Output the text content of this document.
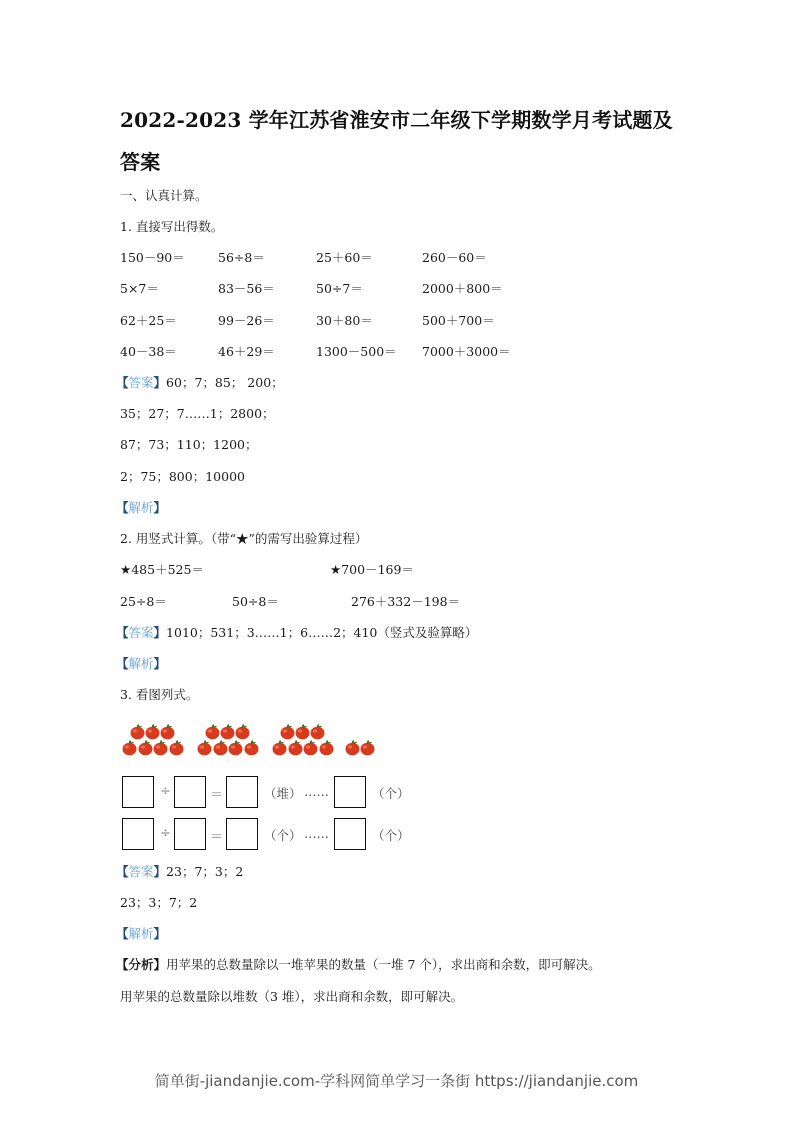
2022-2023 学年江苏省淮安市二年级下学期数学月考试题及
答案
一、认真计算。
1. 直接写出得数。
150－90＝	56÷8＝	25＋60＝	260－60＝
5×7＝	83－56＝	50÷7＝	2000＋800＝
62＋25＝	99－26＝	30＋80＝	500＋700＝
40－38＝	46＋29＝	1300－500＝ 7000＋3000＝
【答案】60；7；85； 200；
35；27；7……1；2800；
87；73；110；1200；
2；75；800；10000
【解析】
2. 用竖式计算。（带“★”的需写出验算过程）
★485＋525＝	★700－169＝
25÷8＝	50÷8＝	276＋332－198＝
【答案】1010；531；3……1；6……2；410（竖式及验算略）
【解析】
3. 看图列式。
÷	＝	（堆） ……	（个）
÷	＝	（个） ……	（个）
【答案】23；7；3；2
23；3；7；2
【解析】
【分析】用苹果的总数量除以一堆苹果的数量（一堆 7 个），求出商和余数，即可解决。
用苹果的总数量除以堆数（3 堆），求出商和余数，即可解决。
简单街-jiandanjie.com-学科网简单学习一条街 https://jiandanjie.com
